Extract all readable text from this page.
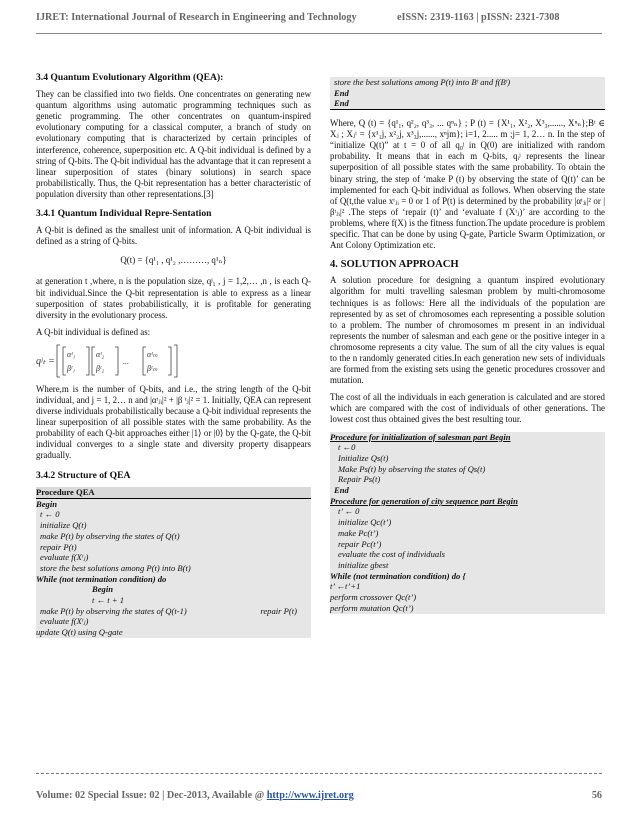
IJRET: International Journal of Research in Engineering and Technology	eISSN: 2319-1163 | pISSN: 2321-7308
3.4 Quantum Evolutionary Algorithm (QEA):

They can be classified into two fields. One concentrates on generating new quantum algorithms using automatic programming techniques such as genetic programming. The other concentrates on quantum-inspired evolutionary computing for a classical computer, a branch of study on evolutionary computing that is characterized by certain principles of interference, coherence, superposition etc. A Q-bit individual is defined by a string of Q-bits. The Q-bit individual has the advantage that it can represent a linear superposition of states (binary solutions) in search space probabilistically. Thus, the Q-bit representation has a better characteristic of population diversity than other representations.[3]

3.4.1 Quantum Individual Repre-Sentation

A Q-bit is defined as the smallest unit of information. A Q-bit individual is defined as a string of Q-bits.

Q(t) = {q¹₁ , q¹₂ ,………, q¹ₙ}

at generation t ,where, n is the population size, qʲ₁ , j = 1,2,… ,n , is each Q-bit individual.Since the Q-bit representation is able to express as a linear superposition of states probabilistically, it is profitable for generating diversity in the evolutionary process.

A Q-bit individual is defined as:

qʲₜ =
αᵗ₁
βᵗ₁
αᵗ₂
βᵗ₂
...
αᵗₘ
βᵗₘ

Where,m is the number of Q-bits, and i.e., the string length of the Q-bit individual, and j = 1, 2… n and |αᵗⱼᵢ|² + |β ᵗⱼ|² = 1. Initially, QEA can represent diverse individuals probabilistically because a Q-bit individual represents the linear superposition of all possible states with the same probability. As the probability of each Q-bit approaches either |1⟩ or |0⟩ by the Q-gate, the Q-bit individual converges to a single state and diversity property disappears gradually.

3.4.2 Structure of QEA
Procedure QEA
Begin
t ← 0
initialize Q(t)
make P(t) by observing the states of Q(t)
repair P(t)
evaluate f(Xᵗⱼ)
store the best solutions among P(t) into B(t)
While (not termination condition) do
Begin
t ← t + 1
make P(t) by observing the states of Q(t-1)	repair P(t)
evaluate f(Xᵗⱼ)
update Q(t) using Q-gate
store the best solutions among P(t) into Bᵗ and f(Bᵗ)
End
End

Where, Q (t) = {q¹₁, q²₂, q³₃, ... qⁿₙ} ; P (t) = {X¹₁, X²₂, X³₃,......, Xⁿₙ};Bᵗ ∈ Xⱼ ; Xⱼᵗ = {x¹₁j, x²₂j, x³₃j,......, xⁿjm}; i=1, 2..... m ;j= 1, 2… n. In the step of “initialize Q(t)” at t = 0 of all q₀ʲ in Q(0) are initialized with random probability. It means that in each m Q-bits, qᵢʲ represents the linear superposition of all possible states with the same probability. To obtain the binary string, the step of ‘make P (t) by observing the state of Q(t)’ can be implemented for each Q-bit individual as follows. When observing the state of Q(t,the value xᵗⱼᵢ = 0 or 1 of P(t) is determined by the probability |αᵗⱼᵢ|² or |βᵗⱼᵢ|² .The steps of ‘repair (t)’ and ‘evaluate f (Xᵗⱼ)’ are according to the problems, where f(X) is the fitness function.The update procedure is problem specific. That can be done by using Q-gate, Particle Swarm Optimization, or Ant Colony Optimization etc.

4. SOLUTION APPROACH

A solution procedure for designing a quantum inspired evolutionary algorithm for multi travelling salesman problem by multi-chromosome techniques is as follows: Here all the individuals of the population are represented by as set of chromosomes each representing a possible solution to a problem. The number of chromosomes m present in an individual represents the number of salesman and each gene or the positive integer in a chromosome represents a city value. The sum of all the city values is equal to the n randomly generated cities.In each generation new sets of individuals are formed from the existing sets using the genetic procedures crossover and mutation.

The cost of all the individuals in each generation is calculated and are stored which are compared with the cost of individuals of other generations. The lowest cost thus obtained gives the best resulting tour.

Procedure for initialization of salesman part Begin
t ←0
Initialize Qs(t)
Make Ps(t) by observing the states of Qs(t)
Repair Ps(t)
End
Procedure for generation of city sequence part Begin
t’ ← 0
initialize Qc(t’)
make Pc(t’)
repair Pc(t’)
evaluate the cost of individuals
initialize gbest
While (not termination condition) do {
t’ ←t’+1
perform crossover Qc(t’)
perform mutation Qc(t’)
Volume: 02 Special Issue: 02 | Dec-2013, Available @ http://www.ijret.org	56
